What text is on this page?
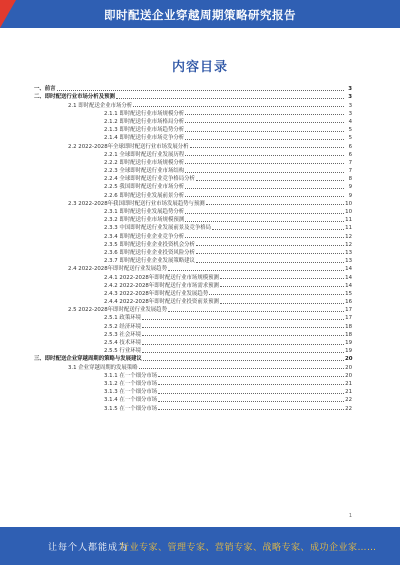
即时配送企业穿越周期策略研究报告
内容目录
一、前言	3
二、即时配送行业市场分析及预测	3
2.1 即时配送企业市场分析	3
2.1.1 即时配送行业市场规模分析	3
2.1.2 即时配送行业市场格局分析	4
2.1.3 即时配送行业市场趋势分析	5
2.1.4 即时配送行业市场竞争分析	5
2.2 2022-2028年全球即时配送行业市场发展分析	6
2.2.1 全球即时配送行业发展历程	6
2.2.2 即时配送行业市场规模分析	7
2.2.3 全球即时配送行业市场结构	7
2.2.4 全球即时配送行业竞争格局分析	8
2.2.5 我国即时配送行业市场分析	9
2.2.6 即时配送行业发展前景分析	9
2.3 2022-2028年我国即时配送行业市场发展趋势与预测	10
2.3.1 即时配送行业发展趋势分析	10
2.3.2 即时配送行业市场规模预测	11
2.3.3 中国即时配送行业发展前景及竞争格局	11
2.3.4 即时配送行业企业竞争分析	12
2.3.5 即时配送行业企业投资机会分析	12
2.3.6 即时配送行业企业投资风险分析	13
2.3.7 即时配送行业企业发展策略建议	13
2.4 2022-2028年即时配送行业发展趋势	14
2.4.1 2022-2028年即时配送行业市场规模预测	14
2.4.2 2022-2028年即时配送行业市场需求预测	14
2.4.3 2022-2028年即时配送行业发展趋势	15
2.4.4 2022-2028年即时配送行业投资前景预测	16
2.5 2022-2028年即时配送行业发展趋势	17
2.5.1 政策环境	17
2.5.2 经济环境	18
2.5.3 社会环境	18
2.5.4 技术环境	19
2.5.5 行业环境	19
三、即时配送企业穿越周期的策略与发展建议	20
3.1 企业穿越周期的发展策略	20
3.1.1 在一个细分市场	20
3.1.2 在一个细分市场	21
3.1.3 在一个细分市场	21
3.1.4 在一个细分市场	22
3.1.5 在一个细分市场	22
1
让每个人都能成为
行业专家、管理专家、营销专家、战略专家、成功企业家……
